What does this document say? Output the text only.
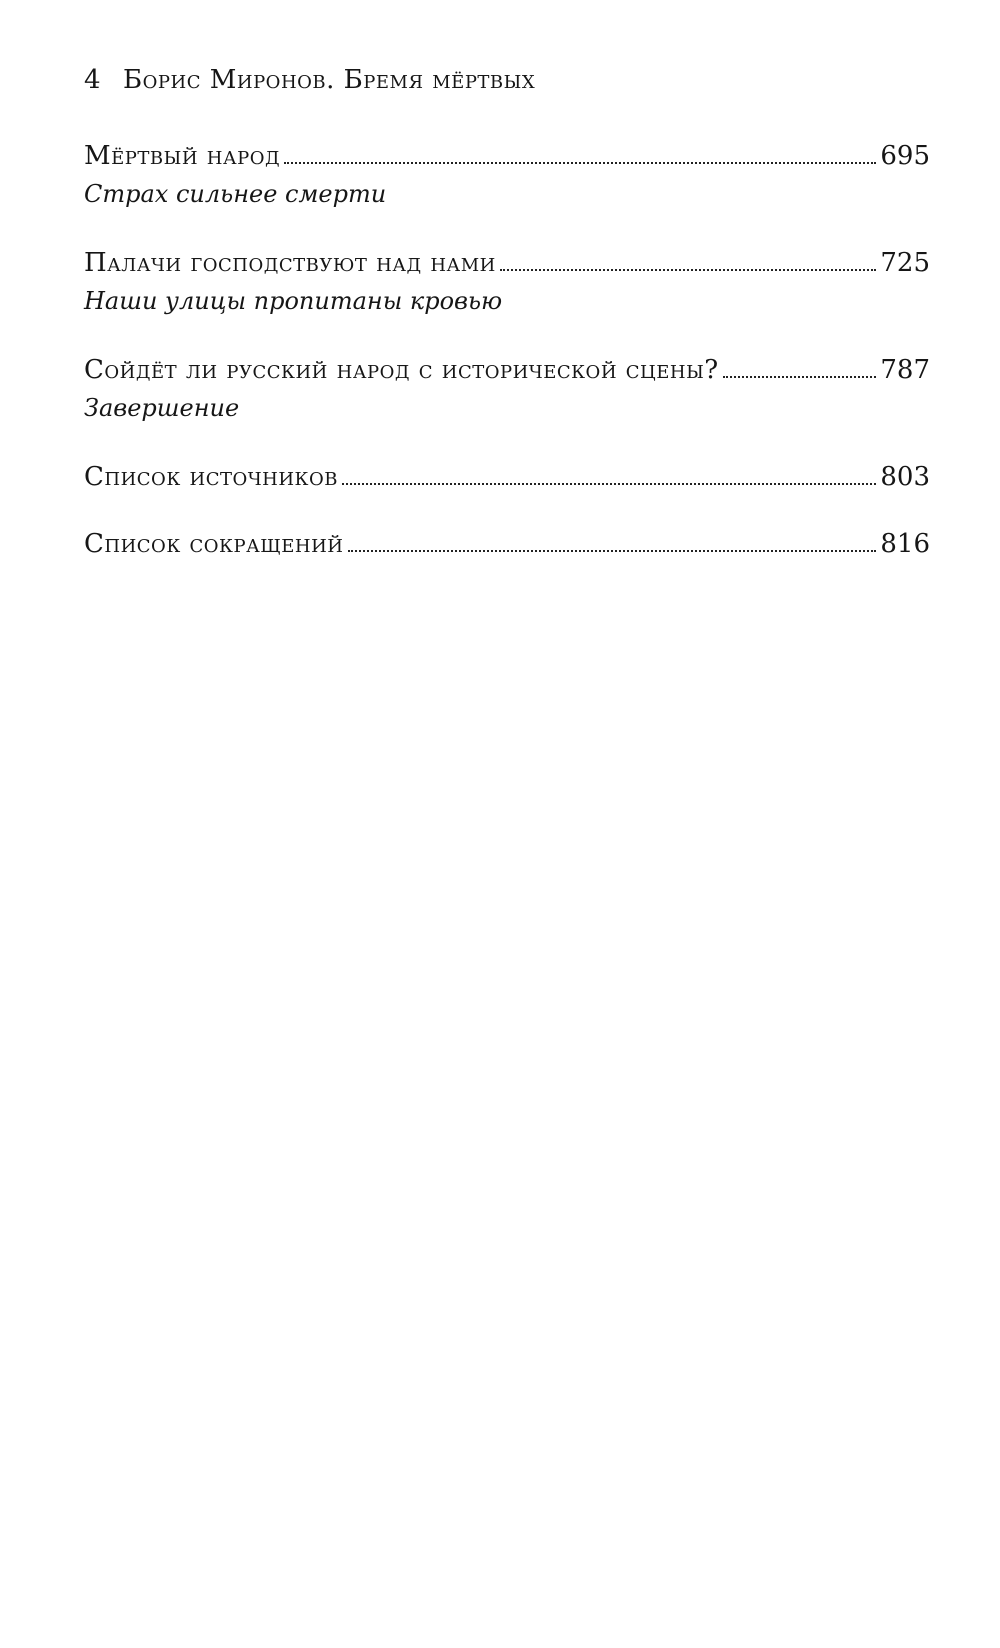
4 Борис Миронов. Бремя мёртвых
Мёртвый народ	695
Страх сильнее смерти
Палачи господствуют над нами	725
Наши улицы пропитаны кровью
Сойдёт ли русский народ с исторической сцены?	787
Завершение
Список источников	803
Список сокращений	816
